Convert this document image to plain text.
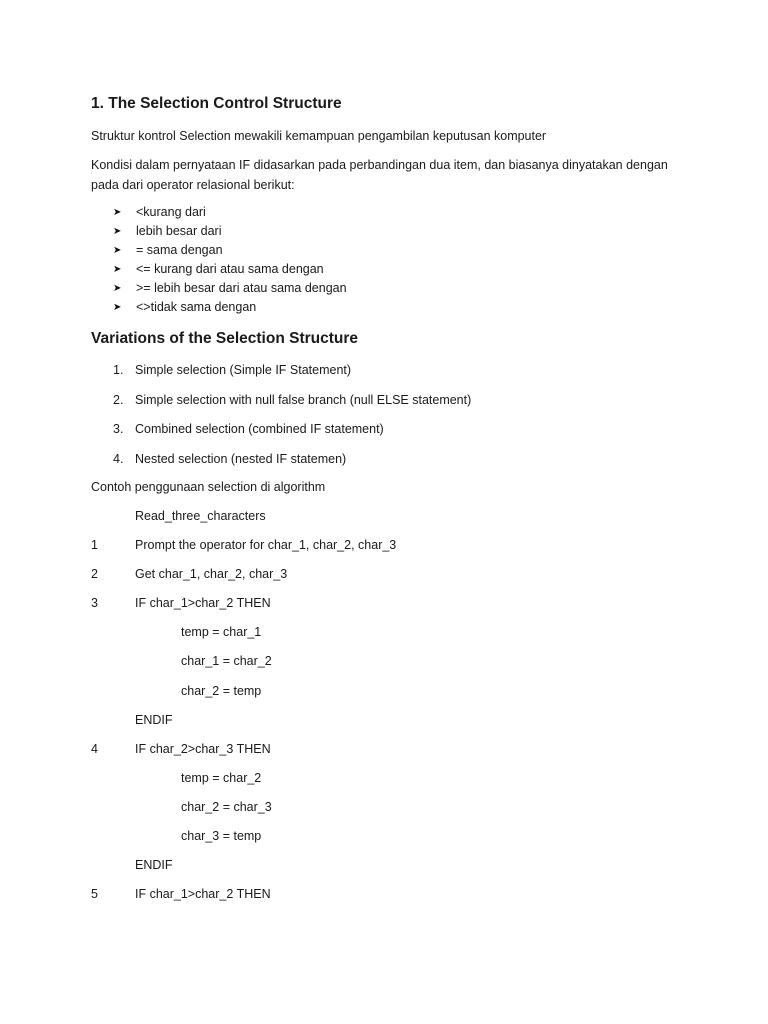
1. The Selection Control Structure

Struktur kontrol Selection mewakili kemampuan pengambilan keputusan komputer

Kondisi dalam pernyataan IF didasarkan pada perbandingan dua item, dan biasanya dinyatakan dengan pada dari operator relasional berikut:

➤	<kurang dari
➤	lebih besar dari
➤	= sama dengan
➤	<= kurang dari atau sama dengan
➤	>= lebih besar dari atau sama dengan
➤	<>tidak sama dengan
Variations of the Selection Structure
1. Simple selection (Simple IF Statement)
2. Simple selection with null false branch (null ELSE statement)
3. Combined selection (combined IF statement)
4. Nested selection (nested IF statemen)

Contoh penggunaan selection di algorithm

Read_three_characters
1	Prompt the operator for char_1, char_2, char_3
2	Get char_1, char_2, char_3
3	IF char_1>char_2 THEN
temp = char_1
char_1 = char_2
char_2 = temp
ENDIF
4	IF char_2>char_3 THEN
temp = char_2
char_2 = char_3
char_3 = temp
ENDIF
5	IF char_1>char_2 THEN
